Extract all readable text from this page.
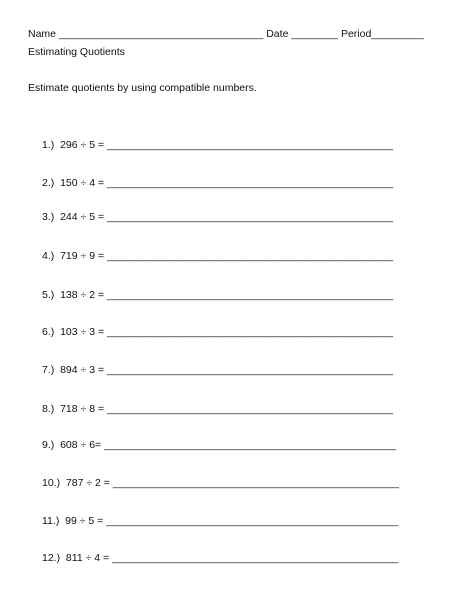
Name ___________________________________ Date ________ Period_________
Estimating Quotients
Estimate quotients by using compatible numbers.
1.)  296 ÷ 5 = _________________________________________________
2.)  150 ÷ 4 = _________________________________________________
3.)  244 ÷ 5 = _________________________________________________
4.)  719 ÷ 9 = _________________________________________________
5.)  138 ÷ 2 = _________________________________________________
6.)  103 ÷ 3 = _________________________________________________
7.)  894 ÷ 3 = _________________________________________________
8.)  718 ÷ 8 = _________________________________________________
9.)  608 ÷ 6= __________________________________________________
10.)  787 ÷ 2 = _________________________________________________
11.)  99 ÷ 5 = __________________________________________________
12.)  811 ÷ 4 = _________________________________________________
